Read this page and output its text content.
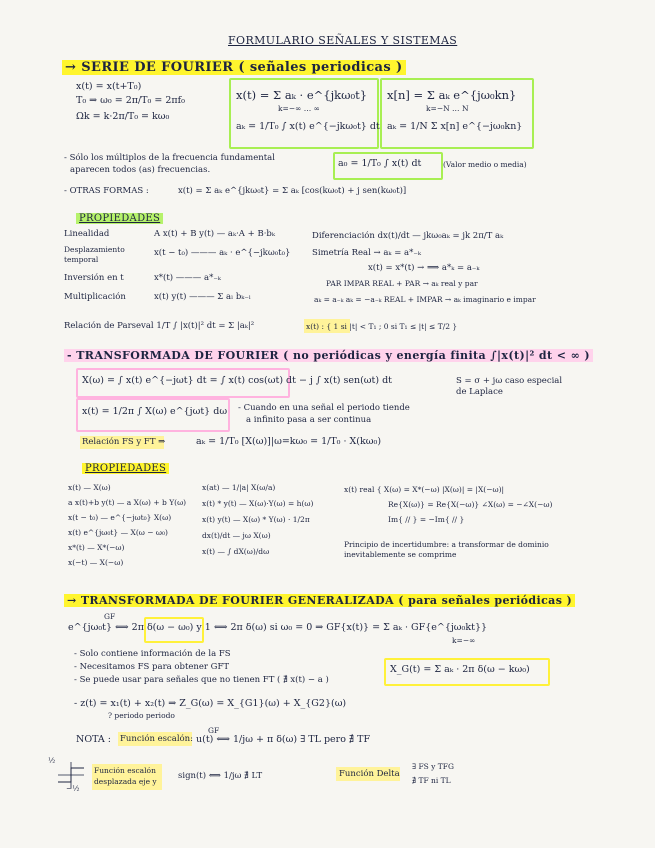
FORMULARIO SEÑALES Y SISTEMAS
→ SERIE DE FOURIER ( señales periodicas )
x(t) = x(t+T₀)
T₀ ⇒ ω₀ = 2π/T₀ = 2πf₀
Ωk = k·2π/T₀ = kω₀
x(t) = Σ aₖ · e^{jkω₀t}
k=−∞ … ∞
aₖ = 1/T₀ ∫ x(t) e^{−jkω₀t} dt
x[n] = Σ aₖ e^{jω₀kn}
k=−N … N
aₖ = 1/N Σ x[n] e^{−jω₀kn}
- Sólo los múltiplos de la frecuencia fundamental
aparecen todos (as) frecuencias.
a₀ = 1/T₀ ∫ x(t) dt	(Valor medio o media)
- OTRAS FORMAS :	x(t) = Σ aₖ e^{jkω₀t} = Σ aₖ [cos(kω₀t) + j sen(kω₀t)]
PROPIEDADES
Linealidad	A x(t) + B y(t) — aₖ·A + B·bₖ
Desplazamiento temporal
x(t − t₀) ——— aₖ · e^{−jkω₀t₀}
Inversión en t	x*(t) ——— a*₋ₖ
Multiplicación	x(t) y(t) ——— Σ aₗ bₖ₋ₗ
Diferenciación dx(t)/dt — jkω₀aₖ = jk 2π/T aₖ
Simetría Real → aₖ = a*₋ₖ
x(t) = x*(t) → ⟹ a*ₖ = a₋ₖ
PAR IMPAR REAL + PAR → aₖ real y par
aₖ = a₋ₖ aₖ = −a₋ₖ REAL + IMPAR → aₖ imaginario e impar
Relación de Parseval 1/T ∫ |x(t)|² dt = Σ |aₖ|²	x(t) : { 1 si |t| < T₁ ; 0 si T₁ ≤ |t| ≤ T/2 }
- TRANSFORMADA DE FOURIER ( no periódicas y energía finita ∫|x(t)|² dt < ∞ )
X(ω) = ∫ x(t) e^{−jωt} dt = ∫ x(t) cos(ωt) dt − j ∫ x(t) sen(ωt) dt	S = σ + jω caso especial de Laplace
x(t) = 1/2π ∫ X(ω) e^{jωt} dω - Cuando en una señal el periodo tiende
a infinito pasa a ser continua
Relación FS y FT ⇒	aₖ = 1/T₀ [X(ω)]|ω=kω₀ = 1/T₀ · X(kω₀)
PROPIEDADES
x(t) — X(ω)
a x(t)+b y(t) — a X(ω) + b Y(ω)
x(t − t₀) — e^{−jωt₀} X(ω)
x(t) e^{jω₀t} — X(ω − ω₀)
x*(t) — X*(−ω)
x(−t) — X(−ω)
x(at) — 1/|a| X(ω/a)
x(t) * y(t) — X(ω)·Y(ω) = h(ω)
x(t) y(t) — X(ω) * Y(ω) · 1/2π
dx(t)/dt — jω X(ω)
x(t) — ∫ dX(ω)/dω
x(t) real { X(ω) = X*(−ω) |X(ω)| = |X(−ω)|
Re{X(ω)} = Re{X(−ω)} ∠X(ω) = −∠X(−ω)
Im{ // } = −Im{ // }
Principio de incertidumbre: a transformar de dominio inevitablemente se comprime
→ TRANSFORMADA DE FOURIER GENERALIZADA ( para señales periódicas )
GF
e^{jω₀t} ⟺ 2π δ(ω − ω₀) y 1 ⟺ 2π δ(ω) si ω₀ = 0 ⇒ GF{x(t)} = Σ aₖ · GF{e^{jω₀kt}}
k=−∞
- Solo contiene información de la FS
- Necesitamos FS para obtener GFT
- Se puede usar para señales que no tienen FT ( ∄ x(t) − a )
X_G(t) = Σ aₖ · 2π δ(ω − kω₀)
- z(t) = x₁(t) + x₂(t) ⇒ Z_G(ω) = X_{G1}(ω) + X_{G2}(ω)
? periodo periodo
NOTA : Función escalón:
GF
u(t) ⟺ 1/jω + π δ(ω) ∃ TL pero ∄ TF
½
−½
Función escalón
desplazada eje y
sign(t) ⟺ 1/jω ∄ LT	Función Delta
∃ FS y TFG
∄ TF ni TL
